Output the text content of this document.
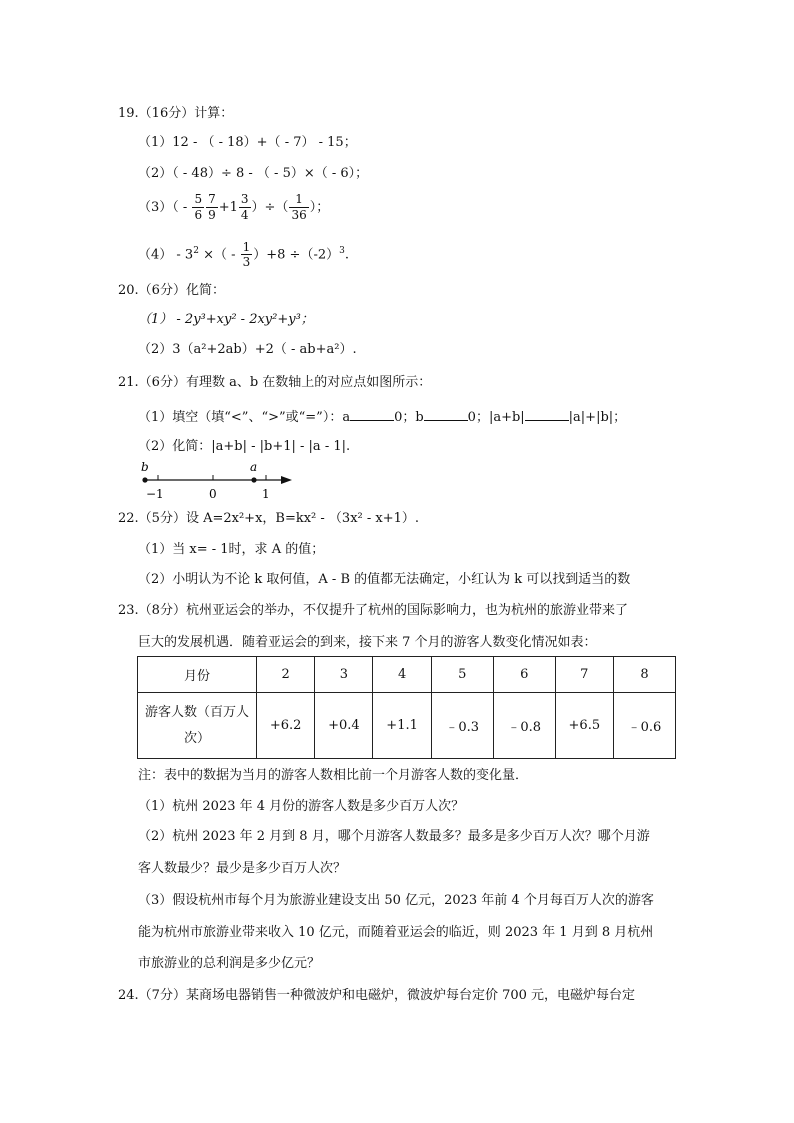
19.（16分）计算：
（1）12 - （ - 18）+（ - 7） - 15；
（2）（ - 48）÷ 8 - （ - 5）×（ - 6）；
$(3)( - \frac{5}{6} \frac{7}{9} +1 \frac{3}{4}$ ）÷（ $\frac{1}{36}$ ）；
$(4) - 3^2$ ×（ - $\frac{1}{3} )+8 \div(-2)^3$.
20.（6分）化简：
（1） - 2y³+xy² - 2xy²+y³；
（2）3（a²+2ab）+2（ - ab+a²）.
21.（6分）有理数 a、b 在数轴上的对应点如图所示：
（1）填空（填“<”、“>”或“=”）：a	0；b	0；|a+b|	|a|+|b|；
（2）化简：|a+b| - |b+1| - |a - 1|.
b	a
−1	0	1
22.（5分）设 A=2x²+x，B=kx² - （3x² - x+1）.
（1）当 x= - 1时，求 A 的值；
（2）小明认为不论 k 取何值，A - B 的值都无法确定，小红认为 k 可以找到适当的数
23.（8分）杭州亚运会的举办，不仅提升了杭州的国际影响力，也为杭州的旅游业带来了
巨大的发展机遇．随着亚运会的到来，接下来 7 个月的游客人数变化情况如表：
月份	2	3	4	5	6	7	8

游客人数（百万人
次）	+6.2	+0.4	+1.1	﹣0.3	﹣0.8	+6.5	﹣0.6
注：表中的数据为当月的游客人数相比前一个月游客人数的变化量．
（1）杭州 2023 年 4 月份的游客人数是多少百万人次？
（2）杭州 2023 年 2 月到 8 月，哪个月游客人数最多？最多是多少百万人次？哪个月游
客人数最少？最少是多少百万人次？
（3）假设杭州市每个月为旅游业建设支出 50 亿元，2023 年前 4 个月每百万人次的游客
能为杭州市旅游业带来收入 10 亿元，而随着亚运会的临近，则 2023 年 1 月到 8 月杭州
市旅游业的总利润是多少亿元？
24.（7分）某商场电器销售一种微波炉和电磁炉，微波炉每台定价 700 元，电磁炉每台定
